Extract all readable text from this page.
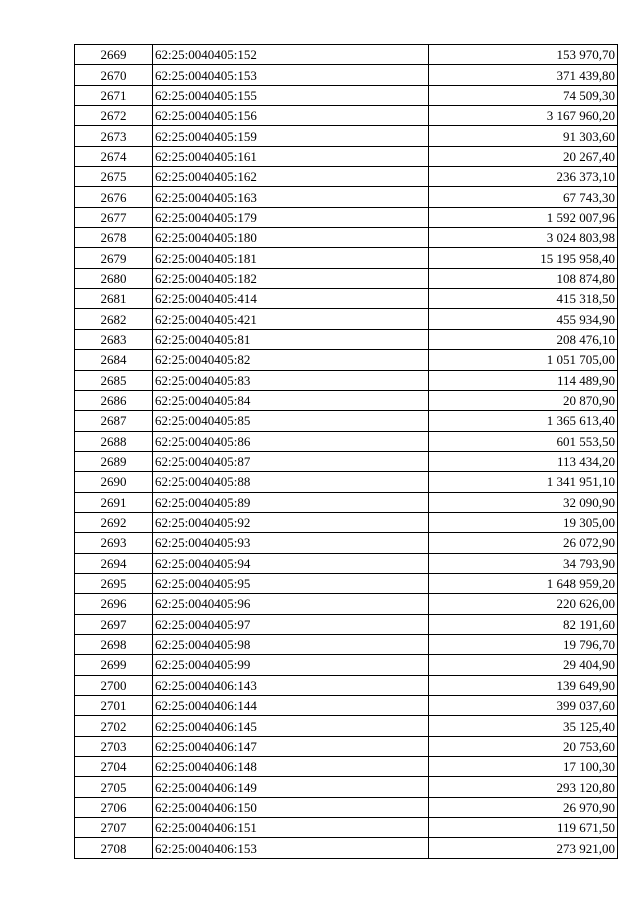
2669	62:25:0040405:152	153 970,70
2670	62:25:0040405:153	371 439,80
2671	62:25:0040405:155	74 509,30
2672	62:25:0040405:156	3 167 960,20
2673	62:25:0040405:159	91 303,60
2674	62:25:0040405:161	20 267,40
2675	62:25:0040405:162	236 373,10
2676	62:25:0040405:163	67 743,30
2677	62:25:0040405:179	1 592 007,96
2678	62:25:0040405:180	3 024 803,98
2679	62:25:0040405:181	15 195 958,40
2680	62:25:0040405:182	108 874,80
2681	62:25:0040405:414	415 318,50
2682	62:25:0040405:421	455 934,90
2683	62:25:0040405:81	208 476,10
2684	62:25:0040405:82	1 051 705,00
2685	62:25:0040405:83	114 489,90
2686	62:25:0040405:84	20 870,90
2687	62:25:0040405:85	1 365 613,40
2688	62:25:0040405:86	601 553,50
2689	62:25:0040405:87	113 434,20
2690	62:25:0040405:88	1 341 951,10
2691	62:25:0040405:89	32 090,90
2692	62:25:0040405:92	19 305,00
2693	62:25:0040405:93	26 072,90
2694	62:25:0040405:94	34 793,90
2695	62:25:0040405:95	1 648 959,20
2696	62:25:0040405:96	220 626,00
2697	62:25:0040405:97	82 191,60
2698	62:25:0040405:98	19 796,70
2699	62:25:0040405:99	29 404,90
2700	62:25:0040406:143	139 649,90
2701	62:25:0040406:144	399 037,60
2702	62:25:0040406:145	35 125,40
2703	62:25:0040406:147	20 753,60
2704	62:25:0040406:148	17 100,30
2705	62:25:0040406:149	293 120,80
2706	62:25:0040406:150	26 970,90
2707	62:25:0040406:151	119 671,50
2708	62:25:0040406:153	273 921,00
